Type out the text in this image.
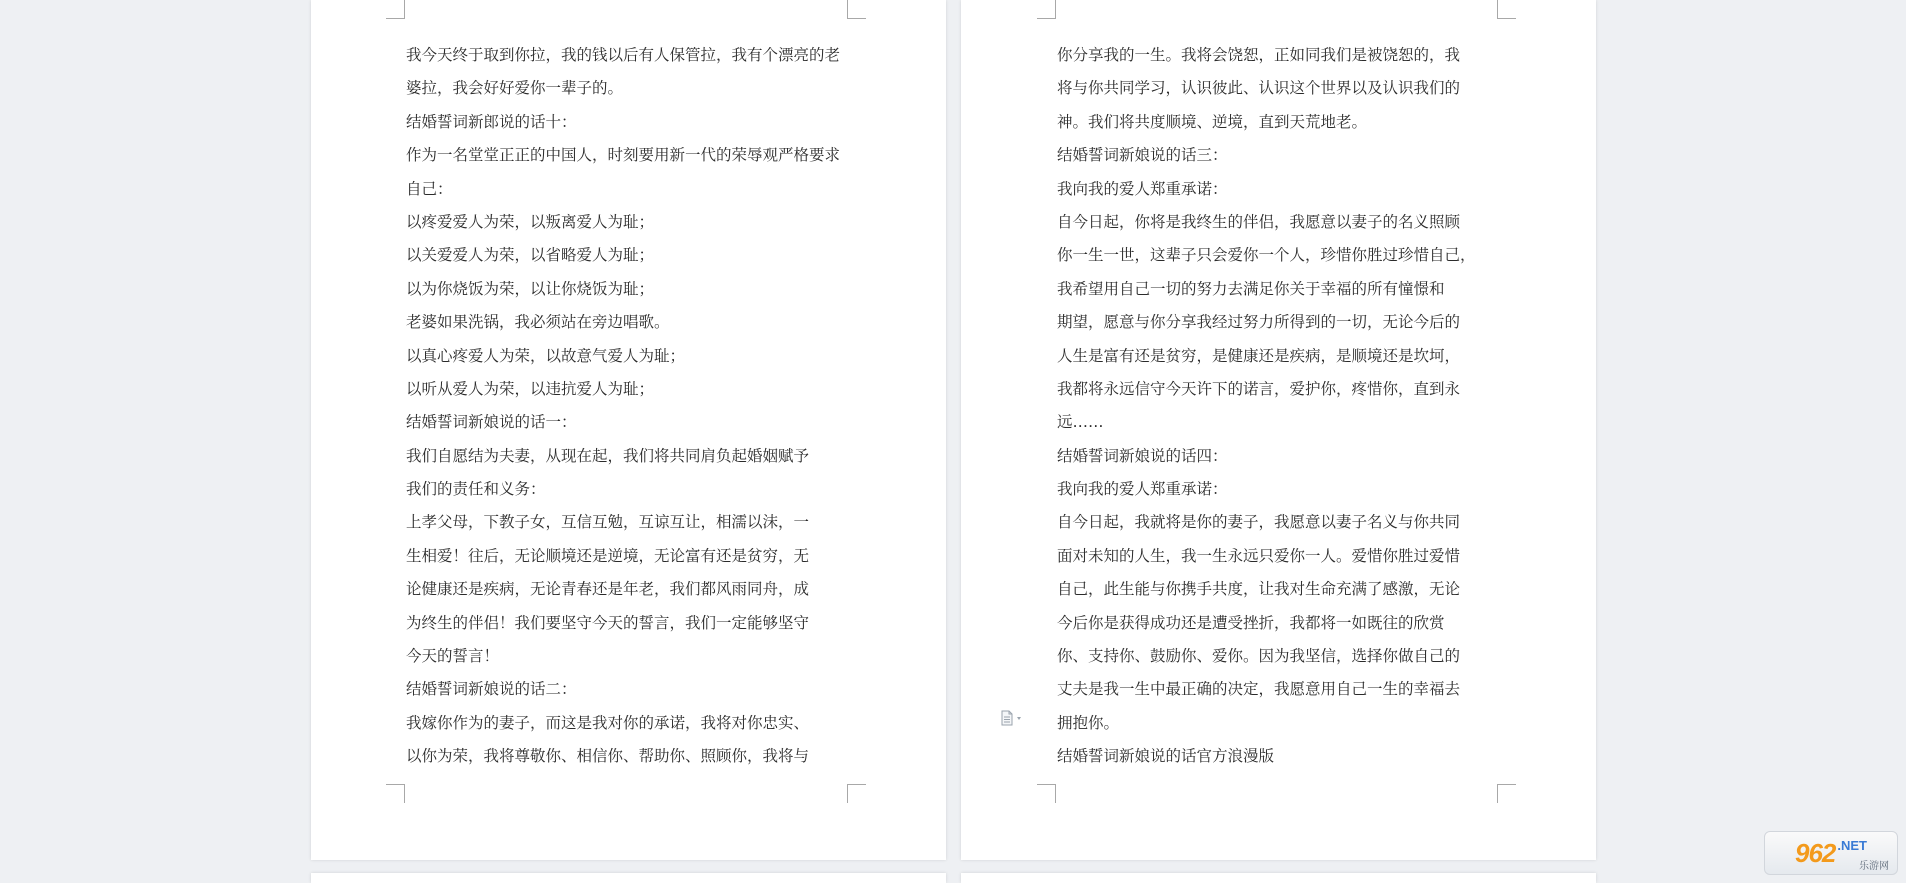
我今天终于取到你拉，我的钱以后有人保管拉，我有个漂亮的老
婆拉，我会好好爱你一辈子的。
结婚誓词新郎说的话十：
作为一名堂堂正正的中国人，时刻要用新一代的荣辱观严格要求
自己：
以疼爱爱人为荣，以叛离爱人为耻；
以关爱爱人为荣，以省略爱人为耻；
以为你烧饭为荣，以让你烧饭为耻；
老婆如果洗锅，我必须站在旁边唱歌。
以真心疼爱人为荣，以故意气爱人为耻；
以听从爱人为荣，以违抗爱人为耻；
结婚誓词新娘说的话一：
我们自愿结为夫妻，从现在起，我们将共同肩负起婚姻赋予
我们的责任和义务：
上孝父母，下教子女，互信互勉，互谅互让，相濡以沫，一
生相爱！往后，无论顺境还是逆境，无论富有还是贫穷，无
论健康还是疾病，无论青春还是年老，我们都风雨同舟，成
为终生的伴侣！我们要坚守今天的誓言，我们一定能够坚守
今天的誓言！
结婚誓词新娘说的话二：
我嫁你作为的妻子，而这是我对你的承诺，我将对你忠实、
以你为荣，我将尊敬你、相信你、帮助你、照顾你，我将与
你分享我的一生。我将会饶恕，正如同我们是被饶恕的，我
将与你共同学习，认识彼此、认识这个世界以及认识我们的
神。我们将共度顺境、逆境，直到天荒地老。
结婚誓词新娘说的话三：
我向我的爱人郑重承诺：
自今日起，你将是我终生的伴侣，我愿意以妻子的名义照顾
你一生一世，这辈子只会爱你一个人，珍惜你胜过珍惜自己，
我希望用自己一切的努力去满足你关于幸福的所有憧憬和
期望，愿意与你分享我经过努力所得到的一切，无论今后的
人生是富有还是贫穷，是健康还是疾病，是顺境还是坎坷，
我都将永远信守今天许下的诺言，爱护你，疼惜你，直到永
远……
结婚誓词新娘说的话四：
我向我的爱人郑重承诺：
自今日起，我就将是你的妻子，我愿意以妻子名义与你共同
面对未知的人生，我一生永远只爱你一人。爱惜你胜过爱惜
自己，此生能与你携手共度，让我对生命充满了感激，无论
今后你是获得成功还是遭受挫折，我都将一如既往的欣赏
你、支持你、鼓励你、爱你。因为我坚信，选择你做自己的
丈夫是我一生中最正确的决定，我愿意用自己一生的幸福去
拥抱你。
结婚誓词新娘说的话官方浪漫版
962 .NET
乐游网
